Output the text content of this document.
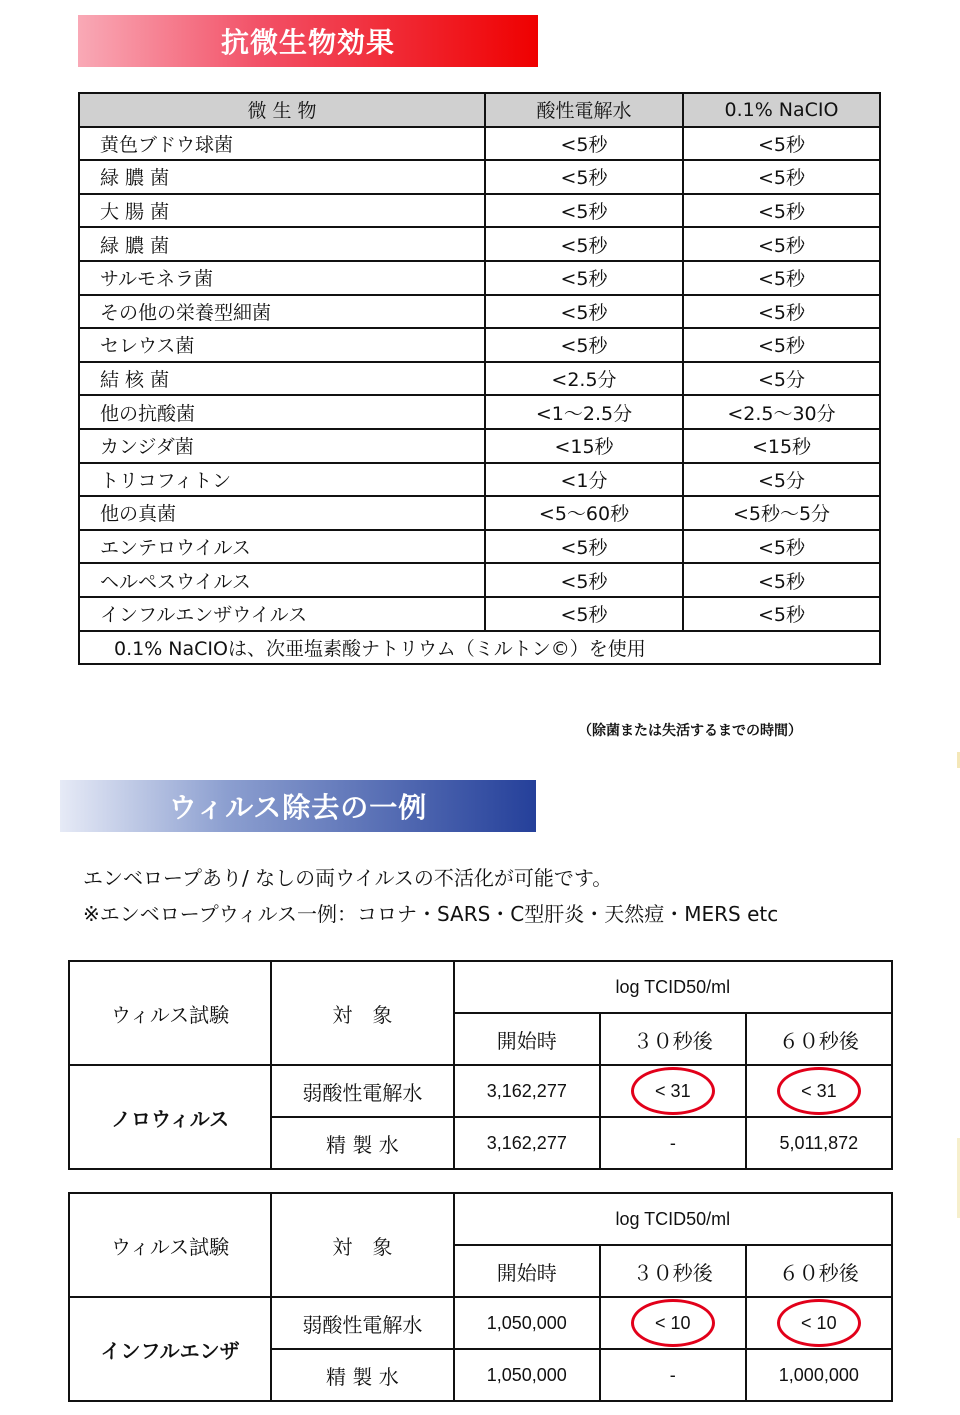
抗微生物効果
微 生 物	酸性電解水	0.1% NaCIO
黄色ブドウ球菌	<5秒	<5秒
緑 膿 菌	<5秒	<5秒
大 腸 菌	<5秒	<5秒
緑 膿 菌	<5秒	<5秒
サルモネラ菌	<5秒	<5秒
その他の栄養型細菌	<5秒	<5秒
セレウス菌	<5秒	<5秒
結 核 菌	<2.5分	<5分
他の抗酸菌	<1～2.5分	<2.5～30分
カンジダ菌	<15秒	<15秒
トリコフィトン	<1分	<5分
他の真菌	<5～60秒	<5秒～5分
エンテロウイルス	<5秒	<5秒
ヘルペスウイルス	<5秒	<5秒
インフルエンザウイルス	<5秒	<5秒
0.1% NaCIOは、次亜塩素酸ナトリウム（ミルトン©）を使用		
（除菌または失活するまでの時間）
ウィルス除去の一例
エンベロープあり/ なしの両ウイルスの不活化が可能です。
※エンベロープウィルス一例：コロナ・SARS・C型肝炎・天然痘・MERS etc
ウィルス試験	対　象	log TCID50/ml		
		開始時	３０秒後	６０秒後
ノロウィルス	弱酸性電解水	3,162,277	< 31	< 31
	精 製 水	3,162,277	-	5,011,872
ウィルス試験	対　象	log TCID50/ml		
		開始時	３０秒後	６０秒後
インフルエンザ	弱酸性電解水	1,050,000	< 10	< 10
	精 製 水	1,050,000	-	1,000,000
